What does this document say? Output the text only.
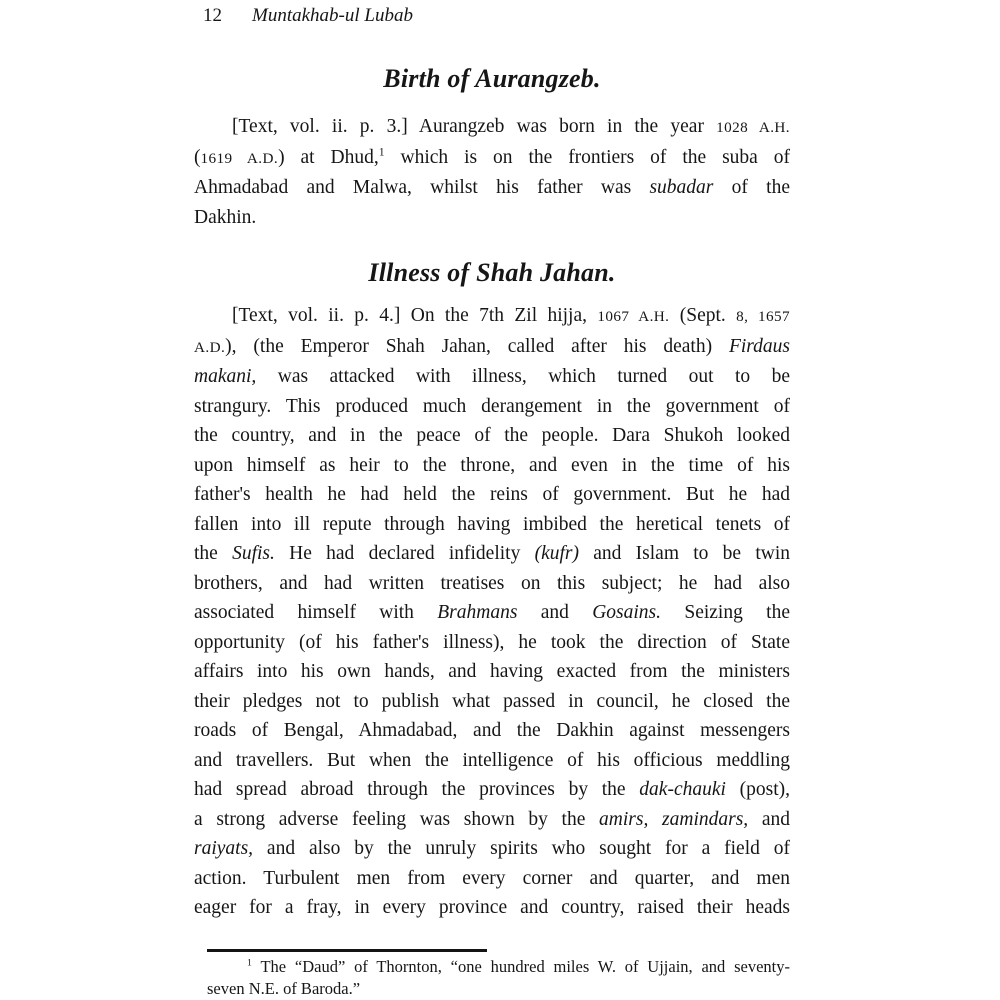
12 Muntakhab-ul Lubab
Birth of Aurangzeb.
[Text, vol. ii. p. 3.] Aurangzeb was born in the year 1028 A.H.
(1619 A.D.) at Dhud,$^1$ which is on the frontiers of the suba of
Ahmadabad and Malwa, whilst his father was subadar of the
Dakhin.
Illness of Shah Jahan.
[Text, vol. ii. p. 4.] On the 7th Zil hijja, 1067 A.H. (Sept. 8, 1657
A.D.), (the Emperor Shah Jahan, called after his death) Firdaus
makani, was attacked with illness, which turned out to be
strangury. This produced much derangement in the government of
the country, and in the peace of the people. Dara Shukoh looked
upon himself as heir to the throne, and even in the time of his
father's health he had held the reins of government. But he had
fallen into ill repute through having imbibed the heretical tenets of
the Sufis. He had declared infidelity (kufr) and Islam to be twin
brothers, and had written treatises on this subject; he had also
associated himself with Brahmans and Gosains. Seizing the
opportunity (of his father's illness), he took the direction of State
affairs into his own hands, and having exacted from the ministers
their pledges not to publish what passed in council, he closed the
roads of Bengal, Ahmadabad, and the Dakhin against messengers
and travellers. But when the intelligence of his officious meddling
had spread abroad through the provinces by the dak-chauki (post),
a strong adverse feeling was shown by the amirs, zamindars, and
raiyats, and also by the unruly spirits who sought for a field of
action. Turbulent men from every corner and quarter, and men
eager for a fray, in every province and country, raised their heads
$^1$ The “Daud” of Thornton, “one hundred miles W. of Ujjain, and seventy-
seven N.E. of Baroda.”
